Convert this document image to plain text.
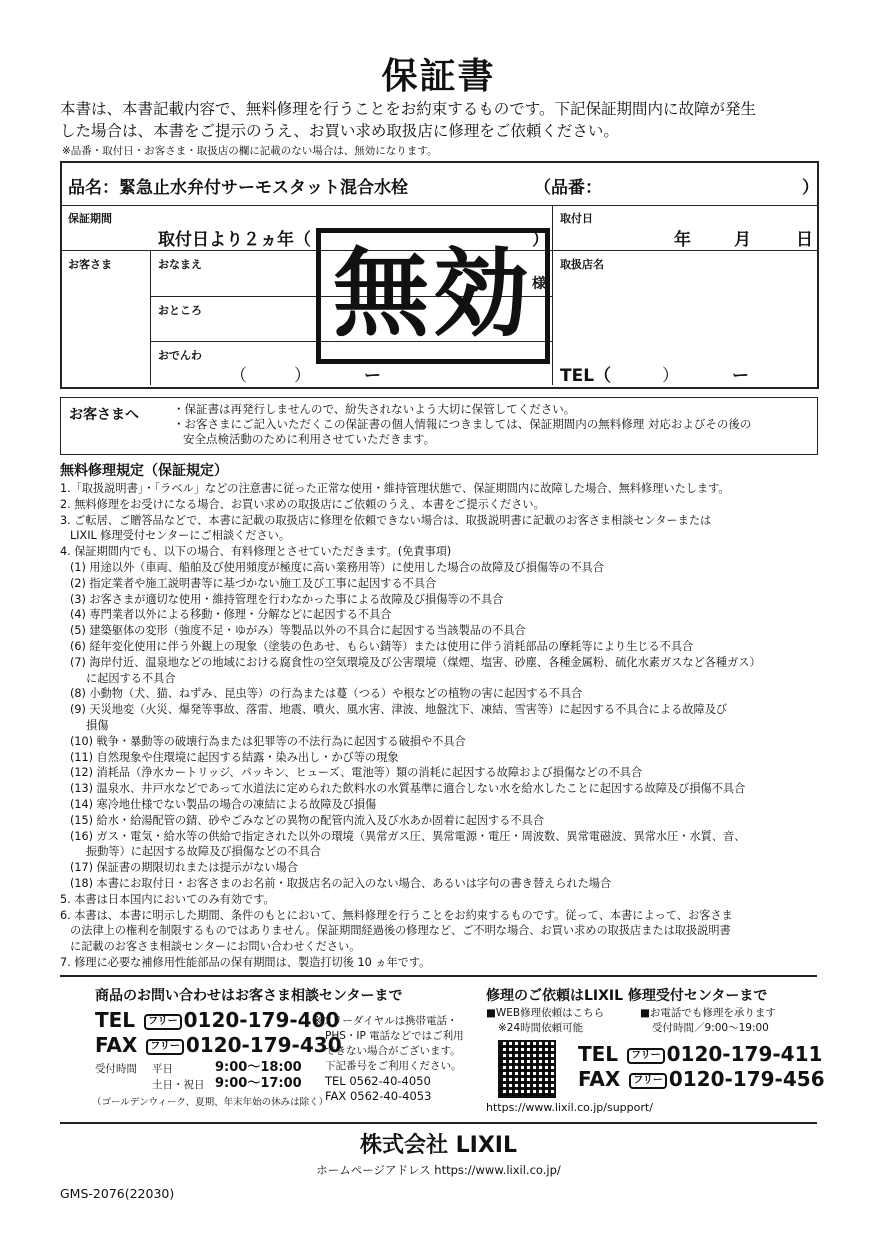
保証書
本書は、本書記載内容で、無料修理を行うことをお約束するものです。下記保証期間内に故障が発生
した場合は、本書をご提示のうえ、お買い求め取扱店に修理をご依頼ください。
※品番・取付日・お客さま・取扱店の欄に記載のない場合は、無効になります。
品名：緊急止水弁付サーモスタット混合水栓	（品番：	）
保証期間
取付日より２ヵ年（	）
取付日
年	月	日
お客さま	おなまえ
様
おところ
おでんわ
（	）	ー
取扱店名
TEL（	）	ー
無効
お客さまへ	・保証書は再発行しませんので、紛失されないよう大切に保管してください。
・お客さまにご記入いただくこの保証書の個人情報につきましては、保証期間内の無料修理 対応およびその後の
安全点検活動のために利用させていただきます。
無料修理規定（保証規定）

1.「取扱説明書」・「ラベル」などの注意書に従った正常な使用・維持管理状態で、保証期間内に故障した場合、無料修理いたします。

2. 無料修理をお受けになる場合、お買い求めの取扱店にご依頼のうえ、本書をご提示ください。

3. ご転居、ご贈答品などで、本書に記載の取扱店に修理を依頼できない場合は、取扱説明書に記載のお客さま相談センターまたは

LIXIL 修理受付センターにご相談ください。

4. 保証期間内でも、以下の場合、有料修理とさせていただきます。(免責事項)

(1) 用途以外（車両、船舶及び使用頻度が極度に高い業務用等）に使用した場合の故障及び損傷等の不具合

(2) 指定業者や施工説明書等に基づかない施工及び工事に起因する不具合

(3) お客さまが適切な使用・維持管理を行わなかった事による故障及び損傷等の不具合

(4) 専門業者以外による移動・修理・分解などに起因する不具合

(5) 建築躯体の変形（強度不足・ゆがみ）等製品以外の不具合に起因する当該製品の不具合

(6) 経年変化使用に伴う外観上の現象（塗装の色あせ、もらい錆等）または使用に伴う消耗部品の摩耗等により生じる不具合

(7) 海岸付近、温泉地などの地域における腐食性の空気環境及び公害環境（煤煙、塩害、砂塵、各種金属粉、硫化水素ガスなど各種ガス）

に起因する不具合

(8) 小動物（犬、猫、ねずみ、昆虫等）の行為または蔓（つる）や根などの植物の害に起因する不具合

(9) 天災地変（火災、爆発等事故、落雷、地震、噴火、風水害、津波、地盤沈下、凍結、雪害等）に起因する不具合による故障及び

損傷

(10) 戦争・暴動等の破壊行為または犯罪等の不法行為に起因する破損や不具合

(11) 自然現象や住環境に起因する結露・染み出し・かび等の現象

(12) 消耗品（浄水カートリッジ、パッキン、ヒューズ、電池等）類の消耗に起因する故障および損傷などの不具合

(13) 温泉水、井戸水などであって水道法に定められた飲料水の水質基準に適合しない水を給水したことに起因する故障及び損傷不具合

(14) 寒冷地仕様でない製品の場合の凍結による故障及び損傷

(15) 給水・給湯配管の錆、砂やごみなどの異物の配管内流入及び水あか固着に起因する不具合

(16) ガス・電気・給水等の供給で指定された以外の環境（異常ガス圧、異常電源・電圧・周波数、異常電磁波、異常水圧・水質、音、

振動等）に起因する故障及び損傷などの不具合

(17) 保証書の期限切れまたは提示がない場合

(18) 本書にお取付日・お客さまのお名前・取扱店名の記入のない場合、あるいは字句の書き替えられた場合

5. 本書は日本国内においてのみ有効です。

6. 本書は、本書に明示した期間、条件のもとにおいて、無料修理を行うことをお約束するものです。従って、本書によって、お客さま

の法律上の権利を制限するものではありません。保証期間経過後の修理など、ご不明な場合、お買い求めの取扱店または取扱説明書

に記載のお客さま相談センターにお問い合わせください。

7. 修理に必要な補修用性能部品の保有期間は、製造打切後 10 ヵ年です。

商品のお問い合わせはお客さま相談センターまで
TEL フリー 0120-179-400
FAX フリー 0120-179-430
受付時間 平日	9:00〜18:00
土日・祝日 9:00〜17:00
（ゴールデンウィーク、夏期、年末年始の休みは除く）
※フリーダイヤルは携帯電話・
PHS・IP 電話などではご利用
できない場合がございます。
下記番号をご利用ください。
TEL 0562-40-4050
FAX 0562-40-4053
修理のご依頼はLIXIL 修理受付センターまで
■WEB修理依頼はこちら
※24時間依頼可能
■お電話でも修理を承ります
受付時間／9:00〜19:00
TEL フリー 0120-179-411
FAX フリー 0120-179-456
https://www.lixil.co.jp/support/
株式会社 LIXIL
ホームページアドレス https://www.lixil.co.jp/
GMS-2076(22030)
